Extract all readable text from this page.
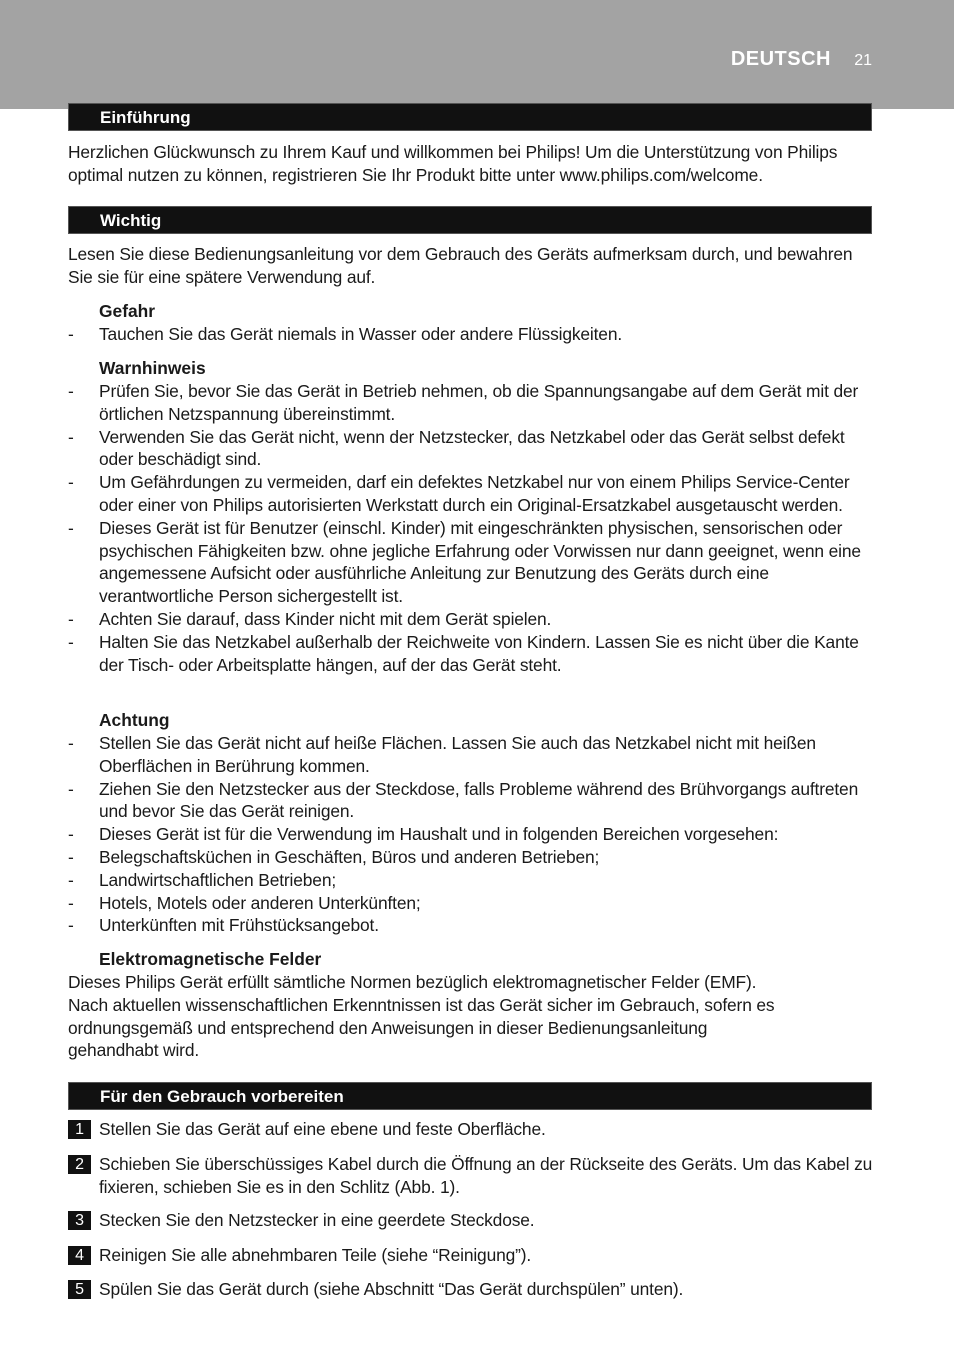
DEUTSCH 21
Einführung

Herzlichen Glückwunsch zu Ihrem Kauf und willkommen bei Philips! Um die Unterstützung von Philips optimal nutzen zu können, registrieren Sie Ihr Produkt bitte unter www.philips.com/welcome.

Wichtig

Lesen Sie diese Bedienungsanleitung vor dem Gebrauch des Geräts aufmerksam durch, und bewahren Sie sie für eine spätere Verwendung auf.

Gefahr
- Tauchen Sie das Gerät niemals in Wasser oder andere Flüssigkeiten.
Warnhinweis
- Prüfen Sie, bevor Sie das Gerät in Betrieb nehmen, ob die Spannungsangabe auf dem Gerät mit der örtlichen Netzspannung übereinstimmt.
- Verwenden Sie das Gerät nicht, wenn der Netzstecker, das Netzkabel oder das Gerät selbst defekt oder beschädigt sind.
- Um Gefährdungen zu vermeiden, darf ein defektes Netzkabel nur von einem Philips Service-Center oder einer von Philips autorisierten Werkstatt durch ein Original-Ersatzkabel ausgetauscht werden.
- Dieses Gerät ist für Benutzer (einschl. Kinder) mit eingeschränkten physischen, sensorischen oder psychischen Fähigkeiten bzw. ohne jegliche Erfahrung oder Vorwissen nur dann geeignet, wenn eine angemessene Aufsicht oder ausführliche Anleitung zur Benutzung des Geräts durch eine verantwortliche Person sichergestellt ist.
- Achten Sie darauf, dass Kinder nicht mit dem Gerät spielen.
- Halten Sie das Netzkabel außerhalb der Reichweite von Kindern. Lassen Sie es nicht über die Kante der Tisch- oder Arbeitsplatte hängen, auf der das Gerät steht.
Achtung
- Stellen Sie das Gerät nicht auf heiße Flächen. Lassen Sie auch das Netzkabel nicht mit heißen Oberflächen in Berührung kommen.
- Ziehen Sie den Netzstecker aus der Steckdose, falls Probleme während des Brühvorgangs auftreten und bevor Sie das Gerät reinigen.
- Dieses Gerät ist für die Verwendung im Haushalt und in folgenden Bereichen vorgesehen:
- Belegschaftsküchen in Geschäften, Büros und anderen Betrieben;
- Landwirtschaftlichen Betrieben;
- Hotels, Motels oder anderen Unterkünften;
- Unterkünften mit Frühstücksangebot.
Elektromagnetische Felder

Dieses Philips Gerät erfüllt sämtliche Normen bezüglich elektromagnetischer Felder (EMF). Nach aktuellen wissenschaftlichen Erkenntnissen ist das Gerät sicher im Gebrauch, sofern es ordnungsgemäß und entsprechend den Anweisungen in dieser Bedienungsanleitung gehandhabt wird.

Für den Gebrauch vorbereiten
1 Stellen Sie das Gerät auf eine ebene und feste Oberfläche.
2 Schieben Sie überschüssiges Kabel durch die Öffnung an der Rückseite des Geräts. Um das Kabel zu fixieren, schieben Sie es in den Schlitz (Abb. 1).
3 Stecken Sie den Netzstecker in eine geerdete Steckdose.
4 Reinigen Sie alle abnehmbaren Teile (siehe “Reinigung”).
5 Spülen Sie das Gerät durch (siehe Abschnitt “Das Gerät durchspülen” unten).
